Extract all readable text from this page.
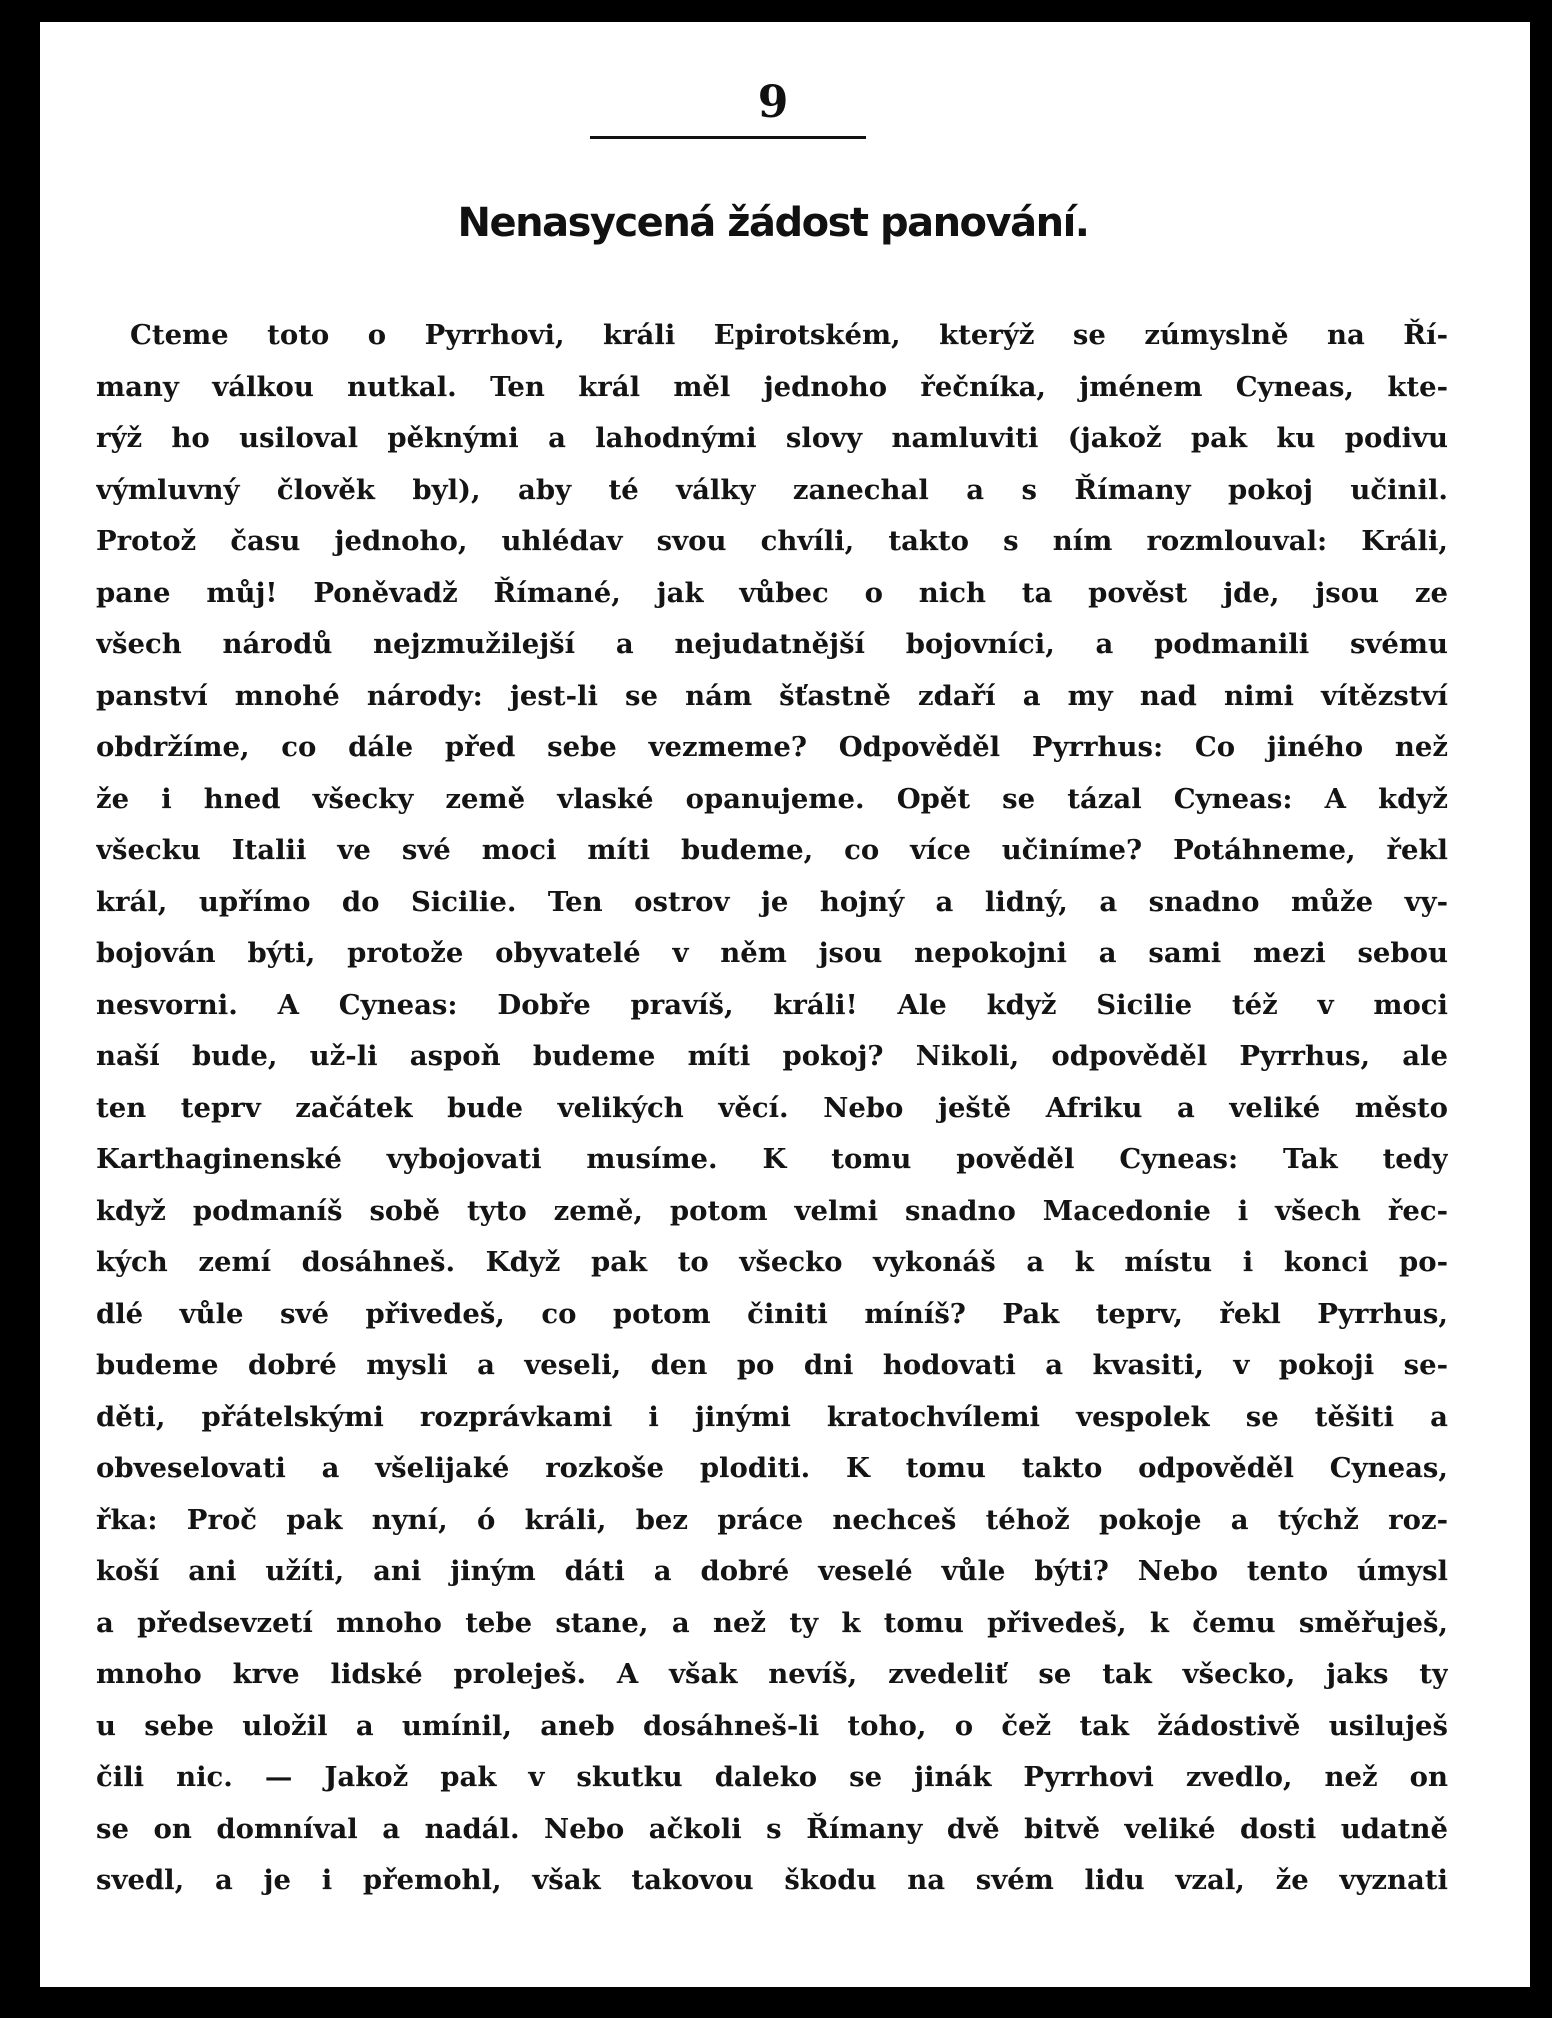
9
Nenasycená žádost panování.
Cteme toto o Pyrrhovi, králi Epirotském, kterýž se zúmyslně na Ří-
many válkou nutkal. Ten král měl jednoho řečníka, jménem Cyneas, kte-
rýž ho usiloval pěknými a lahodnými slovy namluviti (jakož pak ku podivu
výmluvný člověk byl), aby té války zanechal a s Římany pokoj učinil.
Protož času jednoho, uhlédav svou chvíli, takto s ním rozmlouval: Králi,
pane můj! Poněvadž Římané, jak vůbec o nich ta pověst jde, jsou ze
všech národů nejzmužilejší a nejudatnější bojovníci, a podmanili svému
panství mnohé národy: jest-li se nám šťastně zdaří a my nad nimi vítězství
obdržíme, co dále před sebe vezmeme? Odpověděl Pyrrhus: Co jiného než
že i hned všecky země vlaské opanujeme. Opět se tázal Cyneas: A když
všecku Italii ve své moci míti budeme, co více učiníme? Potáhneme, řekl
král, upřímo do Sicilie. Ten ostrov je hojný a lidný, a snadno může vy-
bojován býti, protože obyvatelé v něm jsou nepokojni a sami mezi sebou
nesvorni. A Cyneas: Dobře pravíš, králi! Ale když Sicilie též v moci
naší bude, už-li aspoň budeme míti pokoj? Nikoli, odpověděl Pyrrhus, ale
ten teprv začátek bude velikých věcí. Nebo ještě Afriku a veliké město
Karthaginenské vybojovati musíme. K tomu pověděl Cyneas: Tak tedy
když podmaníš sobě tyto země, potom velmi snadno Macedonie i všech řec-
kých zemí dosáhneš. Když pak to všecko vykonáš a k místu i konci po-
dlé vůle své přivedeš, co potom činiti míníš? Pak teprv, řekl Pyrrhus,
budeme dobré mysli a veseli, den po dni hodovati a kvasiti, v pokoji se-
děti, přátelskými rozprávkami i jinými kratochvílemi vespolek se těšiti a
obveselovati a všelijaké rozkoše ploditi. K tomu takto odpověděl Cyneas,
řka: Proč pak nyní, ó králi, bez práce nechceš téhož pokoje a týchž roz-
koší ani užíti, ani jiným dáti a dobré veselé vůle býti? Nebo tento úmysl
a předsevzetí mnoho tebe stane, a než ty k tomu přivedeš, k čemu směřuješ,
mnoho krve lidské proleješ. A však nevíš, zvedeliť se tak všecko, jaks ty
u sebe uložil a umínil, aneb dosáhneš-li toho, o čež tak žádostivě usiluješ
čili nic. — Jakož pak v skutku daleko se jinák Pyrrhovi zvedlo, než on
se on domníval a nadál. Nebo ačkoli s Římany dvě bitvě veliké dosti udatně
svedl, a je i přemohl, však takovou škodu na svém lidu vzal, že vyznati
